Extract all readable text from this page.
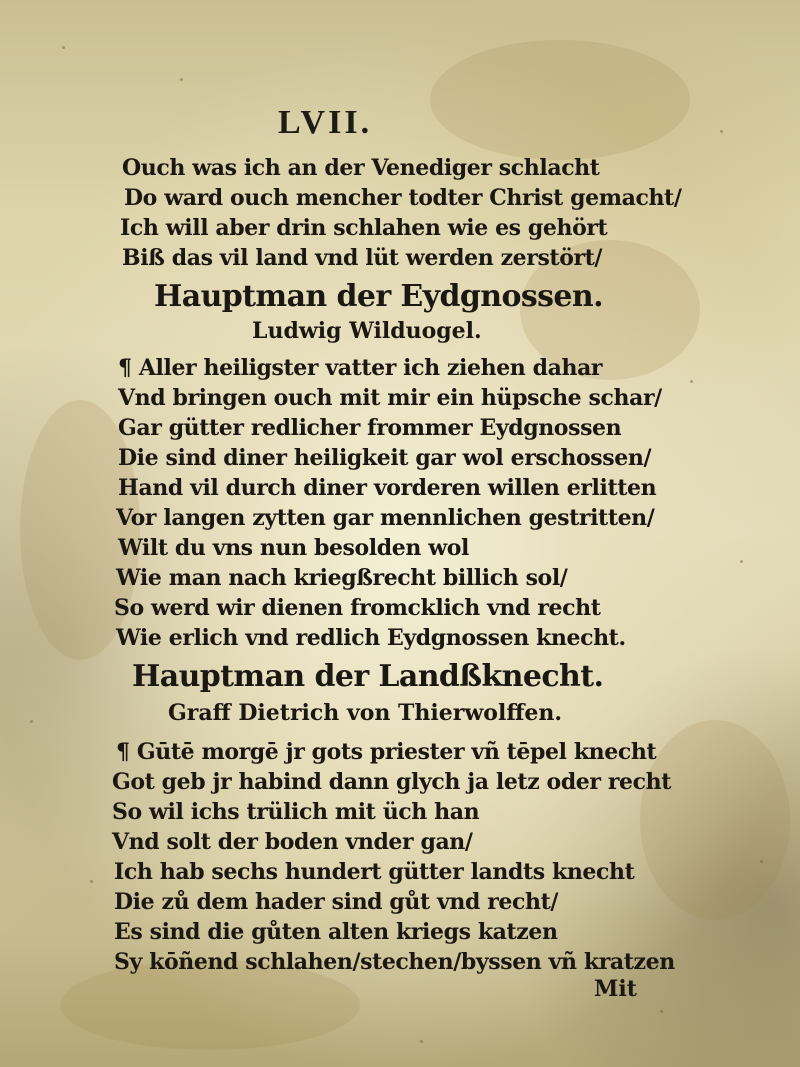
LVII.
Ouch was ich an der Venediger schlacht
Do ward ouch mencher todter Christ gemacht/
Ich will aber drin schlahen wie es gehört
Biß das vil land vnd lüt werden zerstört/
Hauptman der Eydgnossen.
Ludwig Wilduogel.
¶ Aller heiligster vatter ich ziehen dahar
Vnd bringen ouch mit mir ein hüpsche schar/
Gar gütter redlicher frommer Eydgnossen
Die sind diner heiligkeit gar wol erschossen/
Hand vil durch diner vorderen willen erlitten
Vor langen zytten gar mennlichen gestritten/
Wilt du vns nun besolden wol
Wie man nach kriegßrecht billich sol/
So werd wir dienen fromcklich vnd recht
Wie erlich vnd redlich Eydgnossen knecht.
Hauptman der Landßknecht.
Graff Dietrich von Thierwolffen.
¶ Gūtē morgē jr gots priester vñ tēpel knecht
Got geb jr habind dann glych ja letz oder recht
So wil ichs trülich mit üch han
Vnd solt der boden vnder gan/
Ich hab sechs hundert gütter landts knecht
Die zů dem hader sind gůt vnd recht/
Es sind die gůten alten kriegs katzen
Sy kōñend schlahen/stechen/byssen vñ kratzen
Mit
